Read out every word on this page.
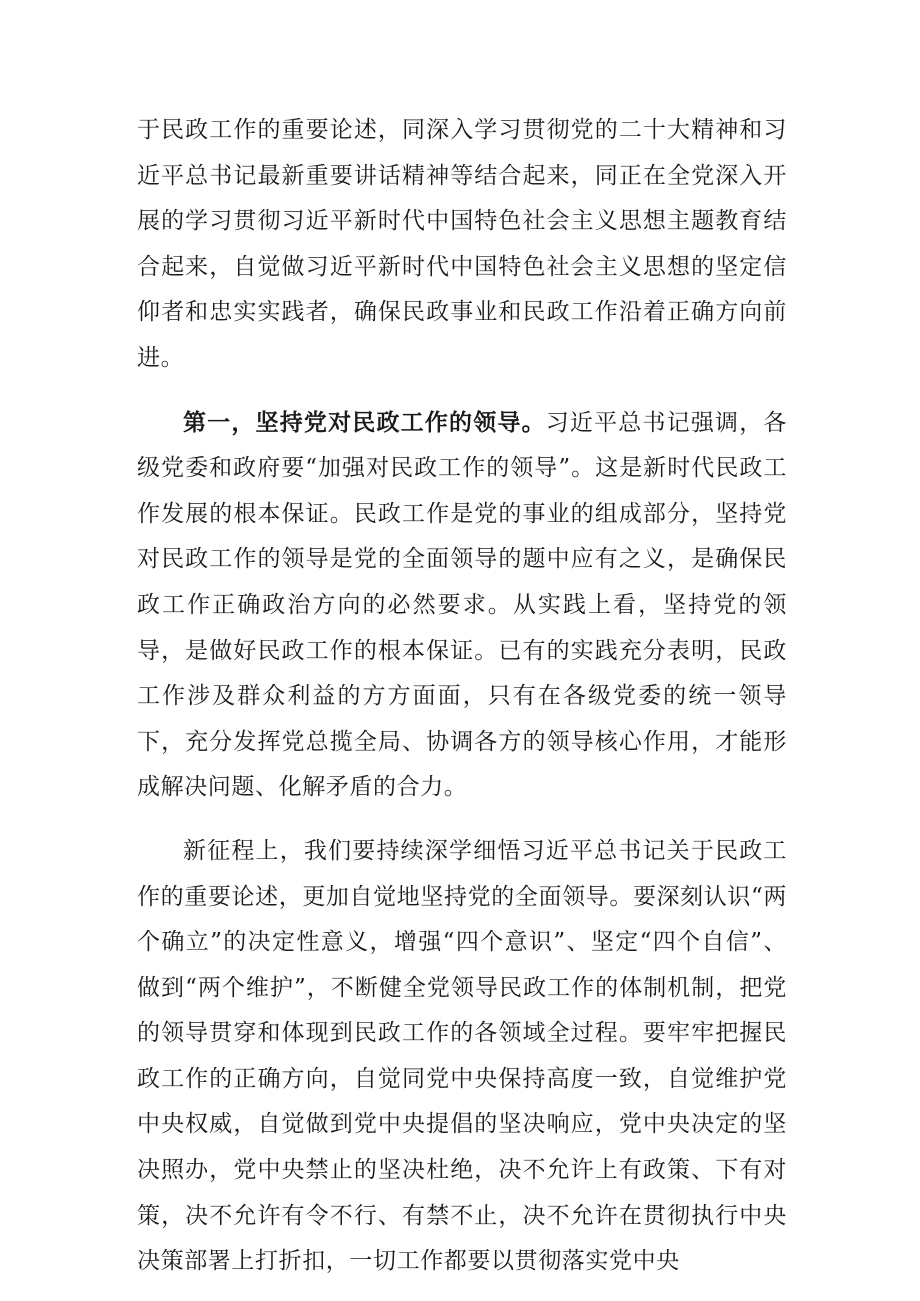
于民政工作的重要论述，同深入学习贯彻党的二十大精神和习近平总书记最新重要讲话精神等结合起来，同正在全党深入开展的学习贯彻习近平新时代中国特色社会主义思想主题教育结合起来，自觉做习近平新时代中国特色社会主义思想的坚定信仰者和忠实实践者，确保民政事业和民政工作沿着正确方向前进。

第一，坚持党对民政工作的领导。习近平总书记强调，各级党委和政府要“加强对民政工作的领导”。这是新时代民政工作发展的根本保证。民政工作是党的事业的组成部分，坚持党对民政工作的领导是党的全面领导的题中应有之义，是确保民政工作正确政治方向的必然要求。从实践上看，坚持党的领导，是做好民政工作的根本保证。已有的实践充分表明，民政工作涉及群众利益的方方面面，只有在各级党委的统一领导下，充分发挥党总揽全局、协调各方的领导核心作用，才能形成解决问题、化解矛盾的合力。

新征程上，我们要持续深学细悟习近平总书记关于民政工作的重要论述，更加自觉地坚持党的全面领导。要深刻认识“两个确立”的决定性意义，增强“四个意识”、坚定“四个自信”、做到“两个维护”，不断健全党领导民政工作的体制机制，把党的领导贯穿和体现到民政工作的各领域全过程。要牢牢把握民政工作的正确方向，自觉同党中央保持高度一致，自觉维护党中央权威，自觉做到党中央提倡的坚决响应，党中央决定的坚决照办，党中央禁止的坚决杜绝，决不允许上有政策、下有对策，决不允许有令不行、有禁不止，决不允许在贯彻执行中央决策部署上打折扣，一切工作都要以贯彻落实党中央
